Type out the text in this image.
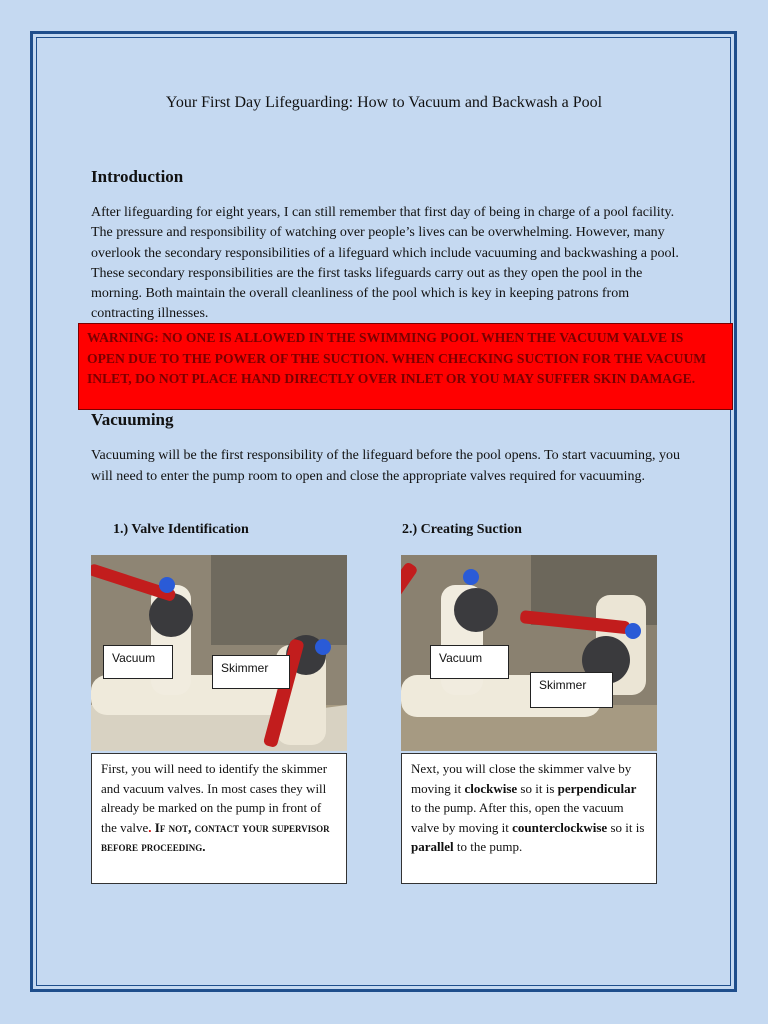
Your First Day Lifeguarding: How to Vacuum and Backwash a Pool
Introduction

After lifeguarding for eight years, I can still remember that first day of being in charge of a pool facility. The pressure and responsibility of watching over people’s lives can be overwhelming. However, many overlook the secondary responsibilities of a lifeguard which include vacuuming and backwashing a pool. These secondary responsibilities are the first tasks lifeguards carry out as they open the pool in the morning. Both maintain the overall cleanliness of the pool which is key in keeping patrons from contracting illnesses.

WARNING: NO ONE IS ALLOWED IN THE SWIMMING POOL WHEN THE VACUUM VALVE IS OPEN DUE TO THE POWER OF THE SUCTION. WHEN CHECKING SUCTION FOR THE VACUUM INLET, DO NOT PLACE HAND DIRECTLY OVER INLET OR YOU MAY SUFFER SKIN DAMAGE.
Vacuuming

Vacuuming will be the first responsibility of the lifeguard before the pool opens. To start vacuuming, you will need to enter the pump room to open and close the appropriate valves required for vacuuming.

1.) Valve Identification	2.) Creating Suction
Vacuum
Skimmer
Vacuum
Skimmer
First, you will need to identify the skimmer and vacuum valves. In most cases they will already be marked on the pump in front of the valve. If not, contact your supervisor before proceeding.
Next, you will close the skimmer valve by moving it clockwise so it is perpendicular to the pump. After this, open the vacuum valve by moving it counterclockwise so it is parallel to the pump.
